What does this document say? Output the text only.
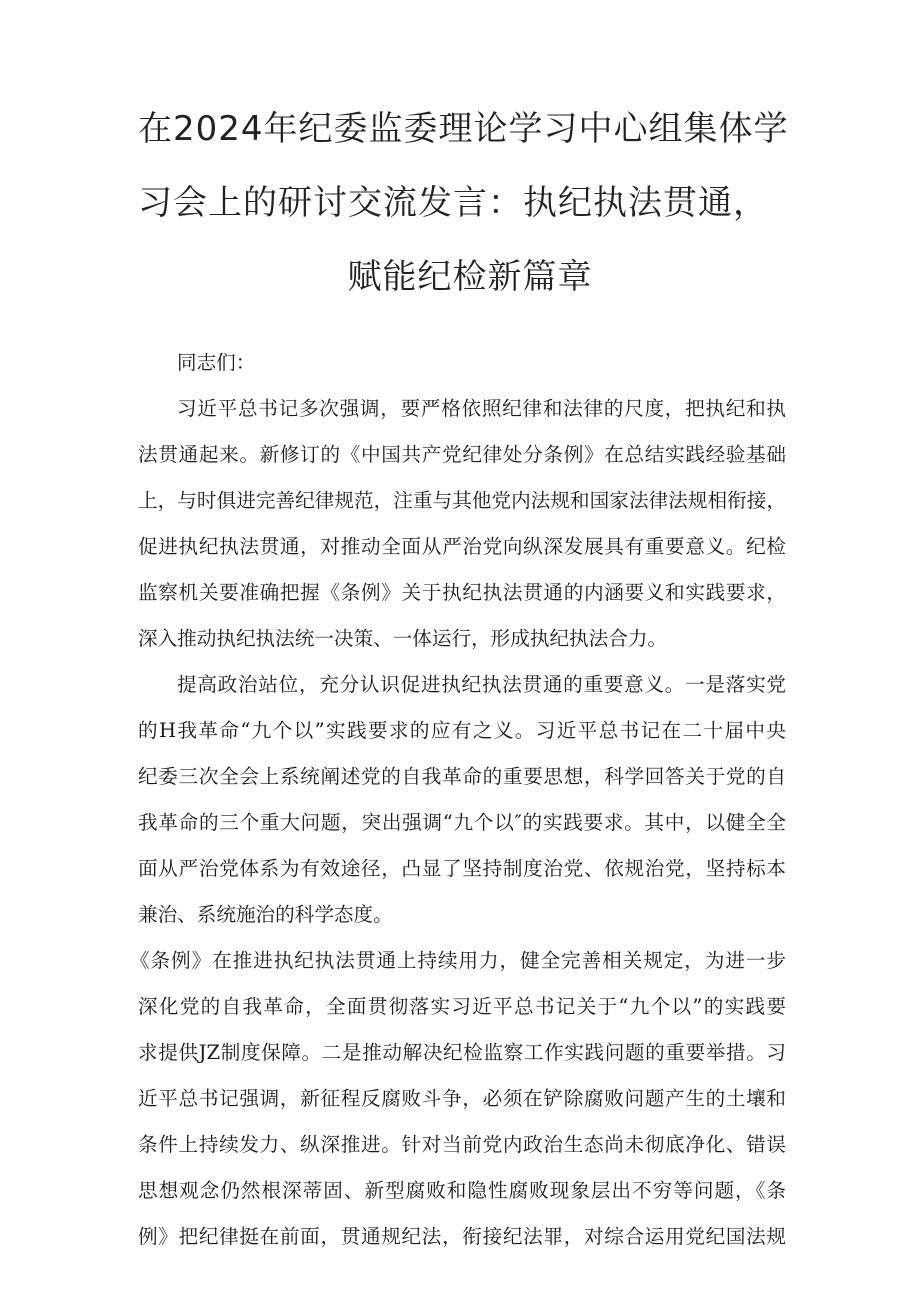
在2024年纪委监委理论学习中心组集体学
习会上的研讨交流发言：执纪执法贯通，
赋能纪检新篇章
同志们：
习近平总书记多次强调，要严格依照纪律和法律的尺度，把执纪和执
法贯通起来。新修订的《中国共产党纪律处分条例》在总结实践经验基础
上，与时俱进完善纪律规范，注重与其他党内法规和国家法律法规相衔接，
促进执纪执法贯通，对推动全面从严治党向纵深发展具有重要意义。纪检
监察机关要准确把握《条例》关于执纪执法贯通的内涵要义和实践要求，
深入推动执纪执法统一决策、一体运行，形成执纪执法合力。
提高政治站位，充分认识促进执纪执法贯通的重要意义。一是落实党
的H我革命“九个以”实践要求的应有之义。习近平总书记在二十届中央
纪委三次全会上系统阐述党的自我革命的重要思想，科学回答关于党的自
我革命的三个重大问题，突出强调“九个以″的实践要求。其中，以健全全
面从严治党体系为有效途径，凸显了坚持制度治党、依规治党，坚持标本
兼治、系统施治的科学态度。
《条例》在推进执纪执法贯通上持续用力，健全完善相关规定，为进一步
深化党的自我革命，全面贯彻落实习近平总书记关于“九个以”的实践要
求提供JZ制度保障。二是推动解决纪检监察工作实践问题的重要举措。习
近平总书记强调，新征程反腐败斗争，必须在铲除腐败问题产生的土壤和
条件上持续发力、纵深推进。针对当前党内政治生态尚未彻底净化、错误
思想观念仍然根深蒂固、新型腐败和隐性腐败现象层出不穷等问题，《条
例》把纪律挺在前面，贯通规纪法，衔接纪法罪，对综合运用党纪国法规
